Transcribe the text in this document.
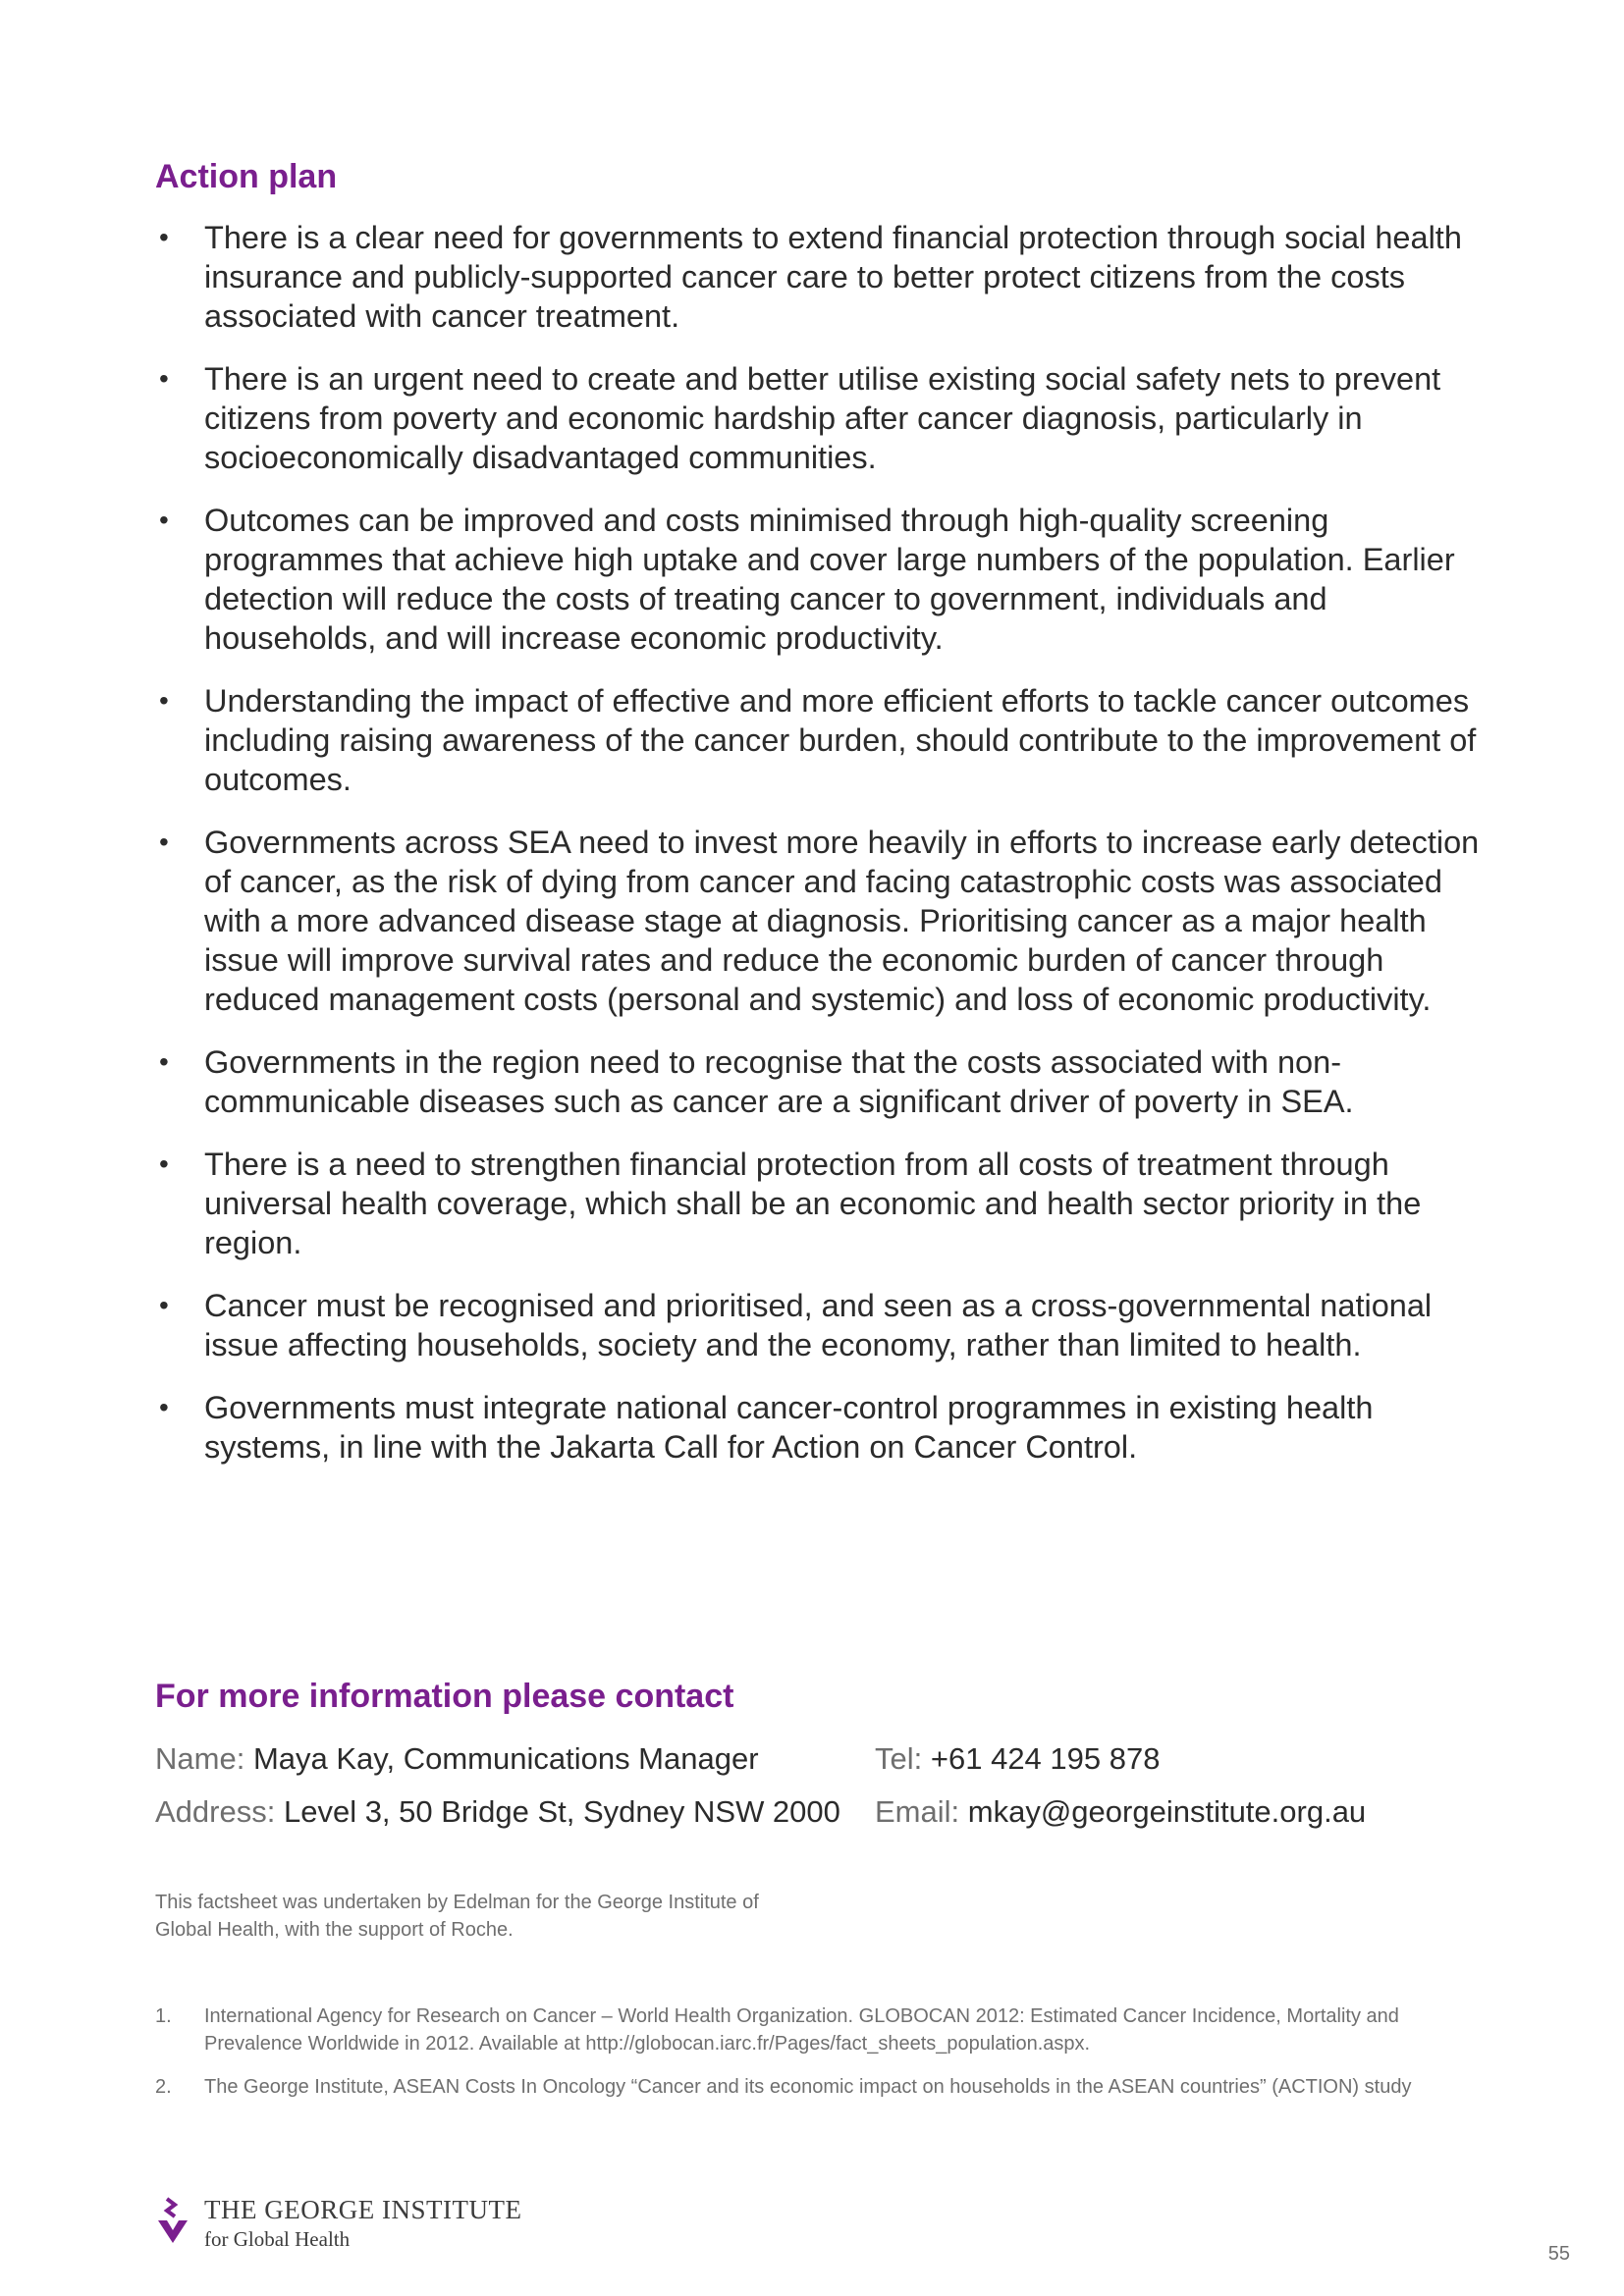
Action plan
• There is a clear need for governments to extend financial protection through social health insurance and publicly-supported cancer care to better protect citizens from the costs associated with cancer treatment.
• There is an urgent need to create and better utilise existing social safety nets to prevent citizens from poverty and economic hardship after cancer diagnosis, particularly in socioeconomically disadvantaged communities.
• Outcomes can be improved and costs minimised through high-quality screening programmes that achieve high uptake and cover large numbers of the population. Earlier detection will reduce the costs of treating cancer to government, individuals and households, and will increase economic productivity.
• Understanding the impact of effective and more efficient efforts to tackle cancer outcomes including raising awareness of the cancer burden, should contribute to the improvement of outcomes.
• Governments across SEA need to invest more heavily in efforts to increase early detection of cancer, as the risk of dying from cancer and facing catastrophic costs was associated with a more advanced disease stage at diagnosis. Prioritising cancer as a major health issue will improve survival rates and reduce the economic burden of cancer through reduced management costs (personal and systemic) and loss of economic productivity.
• Governments in the region need to recognise that the costs associated with non-communicable diseases such as cancer are a significant driver of poverty in SEA.
• There is a need to strengthen financial protection from all costs of treatment through universal health coverage, which shall be an economic and health sector priority in the region.
• Cancer must be recognised and prioritised, and seen as a cross-governmental national issue affecting households, society and the economy, rather than limited to health.
• Governments must integrate national cancer-control programmes in existing health systems, in line with the Jakarta Call for Action on Cancer Control.
For more information please contact
Name: Maya Kay, Communications Manager	Tel: +61 424 195 878
Address: Level 3, 50 Bridge St, Sydney NSW 2000	Email: mkay@georgeinstitute.org.au

This factsheet was undertaken by Edelman for the George Institute of Global Health, with the support of Roche.

1. International Agency for Research on Cancer – World Health Organization. GLOBOCAN 2012: Estimated Cancer Incidence, Mortality and Prevalence Worldwide in 2012. Available at http://globocan.iarc.fr/Pages/fact_sheets_population.aspx.
2. The George Institute, ASEAN Costs In Oncology “Cancer and its economic impact on households in the ASEAN countries” (ACTION) study
THE GEORGE INSTITUTE
for Global Health
55
